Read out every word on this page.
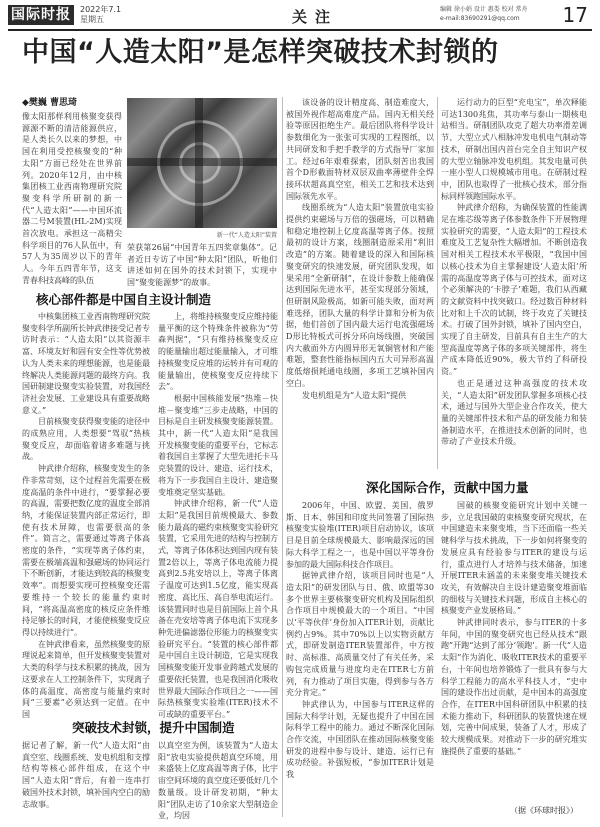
国际时报	2022年7.1
星期五	关注	编辑 徐小娟 设计 惠娄 校对 常舟
e-mail:83690291@qq.com 17
中国“人造太阳”是怎样突破技术封锁的
◆樊巍 曹思琦
像太阳那样利用核聚变获得源源不断的清洁能源供应，是人类长久以来的梦想，中国在利用受控核聚变的“种太阳”方面已经处在世界前列。2020年12月，由中核集团核工业西南物理研究院聚变科学所研制的新一代“人造太阳”——中国环流器二号M装置(HL-2M)实现首次放电。承担这一高精尖科学项目的76人队伍中，有57人为35周岁以下的青年人。今年五四青年节，这支青春科技高峰的队伍
新一代“人造太阳”装置
荣获第26届“中国青年五四奖章集体”。记者近日专访了中国“种太阳”团队，听他们讲述如何在国外的技术封锁下，实现中国“聚变能源梦”的故事。
核心部件都是中国自主设计制造
中核集团核工业西南物理研究院聚变科学所副所长钟武律接受记者专访时表示：“人造太阳”以其资源丰富、环境友好和固有安全性等优势被认为人类未来的理想能源，也是能最终解决人类能源问题的最终方向。我国研制建设聚变实验装置，对我国经济社会发展、工业建设具有重要战略意义。”
目前核聚变获得聚变能的途径中的成熟应用，人类想要“驾驭”热核聚变反应，却面临着诸多难题与挑战。
钟武律介绍称，核聚变发生的条件非常苛刻，这个过程首先需要在极度高温的条件中进行，“要掌握必要的高温，需要把数亿度的温度全部消纳，才能保证装置内部正常运行，即使有技术屏障，也需要很高的条件”。简言之，需要通过等离子体高密度的条件，“实现等离子体约束，需要在极端高温和强磁场的协同运行下不断创新，才能达到较高的核聚变效率”。而想要实现可控核聚变还需要维持一个较长的能量约束时间，“将高温高密度的核反应条件维持足够长的时间，才能使核聚变反应得以持续进行”。
在钟武律看来，虽然核聚变的原理说起来简单，但开发核聚变装置对大类的科学与技术积累的挑战，因为这要求在人工控制条件下，实现离子体的高温度、高密度与能量约束时间“三要素”必须达到一定值。在中国
上，将维持核聚变反应维持能量平衡的这个特殊条件被称为“劳森判据”，“只有维持核聚变反应的能量输出超过能量输入，才可维持核聚变反应堆的运转并有可观的能量输出，使核聚变反应持续下去”。
根据中国核能发展“热堆－快堆－聚变堆”三步走战略，中国的目标是自主研发核聚变能源装置。其中，新一代“人造太阳”是我国开发核聚变能的重要平台，它标志着我国自主掌握了大型先进托卡马克装置的设计、建造、运行技术，将为下一步我国自主设计、建造聚变堆奠定坚实基础。
钟武律介绍称，新一代“人造太阳”是我国目前规模最大、参数能力最高的磁约束核聚变实验研究装置，它采用先进的结构与控制方式，等离子体体积达到国内现有装置2倍以上，等离子体电流能力提高到2.5兆安培以上，等离子体离子温度可达到1.5亿度，能实现高密度、高比压、高自举电流运行。该装置同时也是目前国际上首个具备在壳安培等离子体电流下实现多种先进偏滤器位形能力的核聚变实验研究平台。“装置的核心部件都是中国自主设计制造，它是实现我国核聚变能开发事业跨越式发展的重要依托装置，也是我国消化吸收世界最大国际合作项目之一——国际热核聚变实验堆(ITER)技术不可或缺的重要平台。”
突破技术封锁，提升中国制造
据记者了解，新一代“人造太阳”由真空室、线圈系统、发电机组和支撑结构等核心部件组成，在这个中国“人造太阳”背后，有着一连串打破国外技术封锁，填补国内空白的励志故事。
以真空室为例，该装置为“人造太阳”放电实验提供超真空环境，用来盛装上亿度高温等离子体，比宇宙空间环境的真空度还要低好几个数量级。设计研发初期，“种太阳”团队走访了10余家大型制造企业，均因
该设备的设计精度高、制造难度大，被国外视作超高难度产品。国内无相关经验等原因拒绝生产。最后团队将科学设计参数细化为一张张可实现的工程图纸，以共同研发和手把手教学的方式指导厂家加工。经过6年艰难探索，团队刻苦出我国首个D形截面特材双层双曲率薄壁件全焊接环状超高真空室，相关工艺和技术达到国际领先水平。
线圈系统为“人造太阳”装置放电实验提供约束磁场与万倍的强磁场，可以精确和稳定地控制上亿度高温等离子体。按照最初的设计方案，线圈制造原采用“利旧改造”的方案。随着建设的深入和国际核聚变研究的快速发展，研究团队发现，如果采用“全新研制”，在设计参数上能确保达到国际先进水平，甚至实现部分领域，但研制风险极高，如新可能失败，面对两难选择，团队大量的科学计算和分析为依据，他们首创了国内最大运行电流强磁场D形比特板式可拆分环向场线圈，突破国内大截面外方内圆异形无氧铜管材和产能难题，整套性能指标国内五大可异形高温度低熔损耗通电线圈，多项工艺填补国内空白。
发电机组是为“人造太阳”提供
运行动力的巨型“充电宝”，单次释能可达1300兆焦，其功率与泰山一期核电站相当。研制团队攻克了超大功率滑差调节、大型立式八相脉冲发电机电气制动等技术，研制出国内首台完全自主知识产权的大型立轴脉冲发电机组。其发电量可供一座小型人口规模城市用电。在研制过程中，团队也取得了一批核心技术，部分指标同样领跑国际水平。
钟武律介绍称，为确保装置的性能满足在堆芯级等离子体参数条件下开展物理实验研究的需要，“人造太阳”的工程技术难度及工艺复杂性大幅增加。不断创造我国对相关工程技术水平极限，“我国中国以核心技术为自主掌握建设‘人造太阳’所需的高温度等离子体与可控技术，面对这个必须解决的‘卡脖子’难题，我们从西藏的文献资料中找突破口。经过数百种材料比对和上千次的试制，终于攻克了关键技术。打破了国外封锁，填补了国内空白，实现了自主研发，目前具有自主生产的大型高温度等离子体的多项关键部件，将生产成本降低近90%，极大节约了科研投资。”
也正是通过这种高强度的技术攻关，“人造太阳”研发团队掌握多项核心技术，通过与国外大型企业合作攻关，使大量的关键部件技术和产品的研发能力和装备制造水平，在推进技术创新的同时，也带动了产业技术升级。
深化国际合作，贡献中国力量
2006年，中国、欧盟、美国、俄罗斯、日本、韩国和印度共同签署了国际热核聚变实验堆(ITER)项目启动协议，该项目是目前全球规模最大、影响最深远的国际大科学工程之一，也是中国以平等身份参加的最大国际科技合作项目。
据钟武律介绍，该项目同时也是“人造太阳”的研发团队与日、俄、欧盟等30多个世界主要核聚变研究机构及国际组织合作项目中规模最大的一个项目。“中国以‘平等伙伴’身份加入ITER计划，贡献比例约占9%。其中70%以上以实物贡献方式，即研发制造ITER装置部件，中方按时、高标准、高质量交付了有关任务，采购包完成质量与进度均走在ITER七方前列，有力推动了项目实施，得到参与各方充分肯定。”
钟武律认为，中国参与ITER这样的国际大科学计划，无疑也提升了中国在国际科学工程中的能力。通过不断深化国际合作交流，中国团队在推动国际核聚变能研发的进程中参与设计、建造、运行已有成功经验。补强短板，“参加ITER计划是我
国破的核聚变能研究计划中关键一步，立足我国破的束核聚变研究现状，在中国建造未来聚变堆，当下还面临一些关键科学与技术挑战，下一步如何将聚变的发展应具有经验参与ITER的建设与运行，重点进行人才培养与技术储备，加速开展ITER未涵盖的未来聚变堆关键技术攻关，有效解决自主设计建造聚变堆面临的细枝与关键技术问题，形成自主核心的核聚变产业发展格局。”
钟武律同时表示，参与ITER的十多年间，中国的聚变研究也已经从技术“跟跑”开跑“达到了部分‘领跑’。新一代“人造太阳”作为消化、吸收ITER技术的重要平台，十年间也培养锻炼了一批具有参与大科学工程能力的高水平科技人才，“史中国的建设作出过贡献，是中国本的高强度合作，在ITER中国科研团队中积累的技术能力推动下，科研团队的装置快速在规划，完善中间成果，装备了人才，形成了较大规模成果。对推动下一步的研究堆实施提供了重要的基础。”
（据《环球时报》）
